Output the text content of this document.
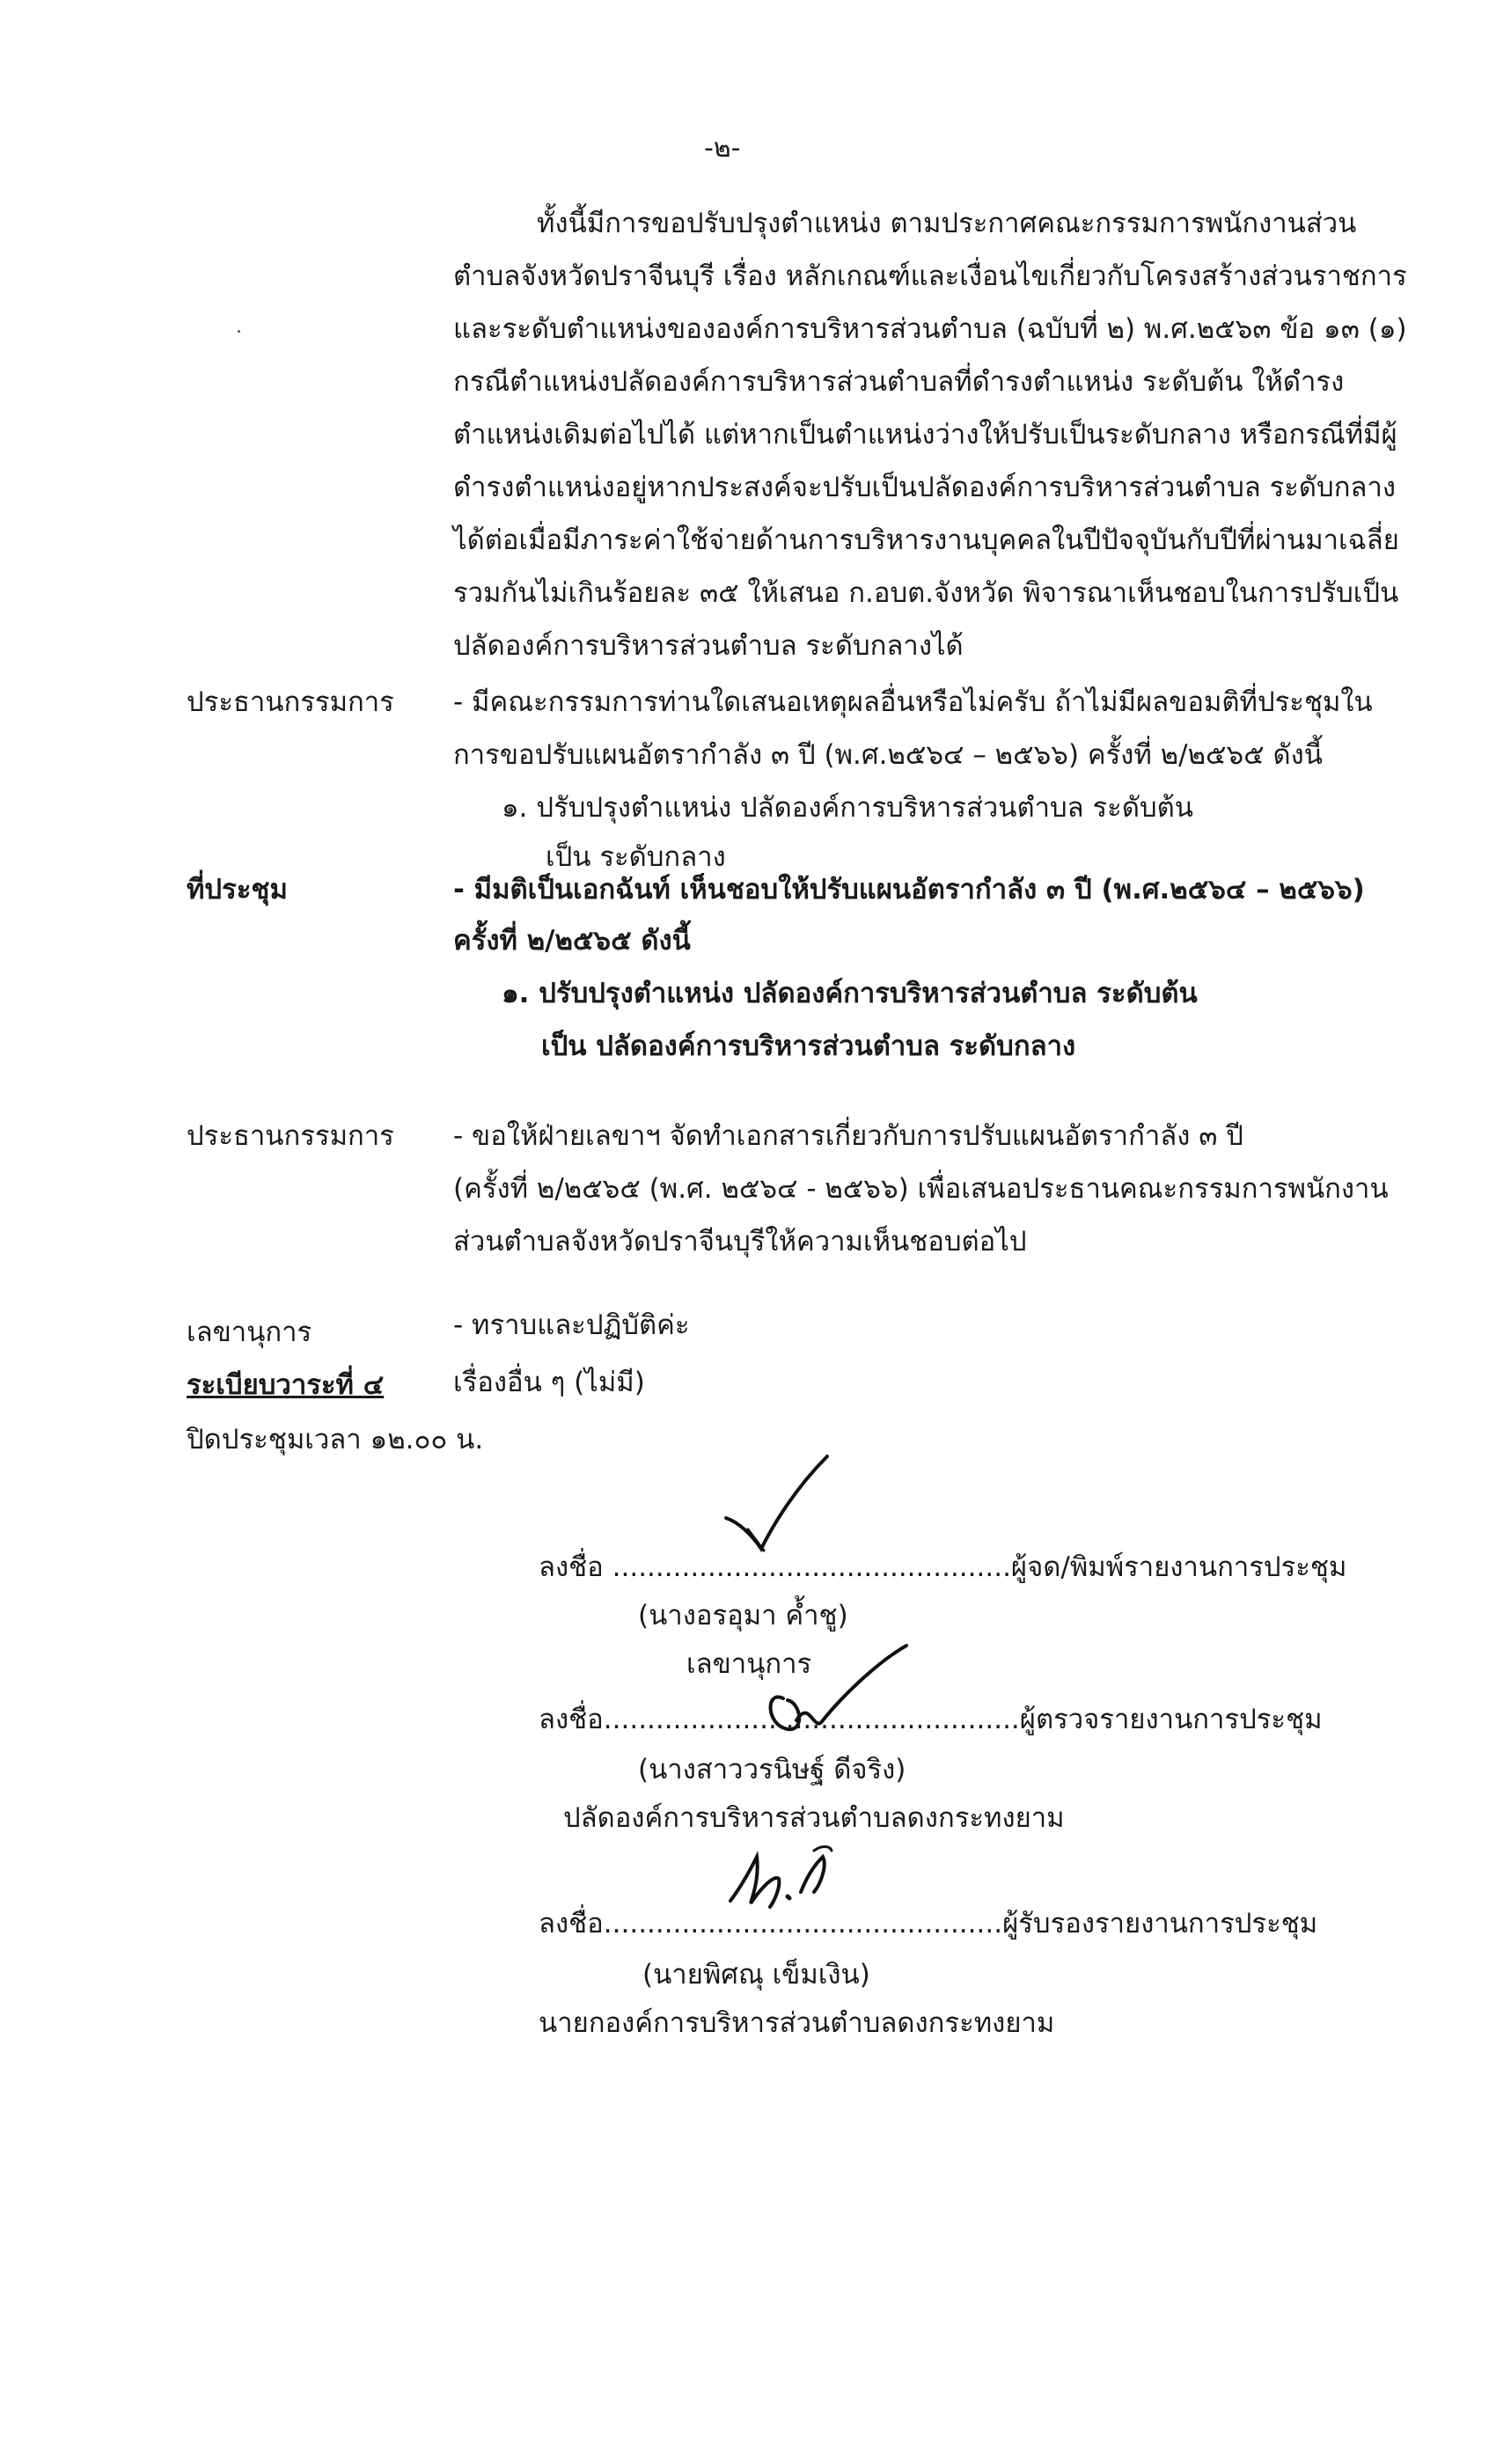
-๒-
ทั้งนี้มีการขอปรับปรุงตำแหน่ง ตามประกาศคณะกรรมการพนักงานส่วน
ตำบลจังหวัดปราจีนบุรี เรื่อง หลักเกณฑ์และเงื่อนไขเกี่ยวกับโครงสร้างส่วนราชการ
และระดับตำแหน่งขององค์การบริหารส่วนตำบล (ฉบับที่ ๒) พ.ศ.๒๕๖๓ ข้อ ๑๓ (๑)
กรณีตำแหน่งปลัดองค์การบริหารส่วนตำบลที่ดำรงตำแหน่ง ระดับต้น ให้ดำรง
ตำแหน่งเดิมต่อไปได้ แต่หากเป็นตำแหน่งว่างให้ปรับเป็นระดับกลาง หรือกรณีที่มีผู้
ดำรงตำแหน่งอยู่หากประสงค์จะปรับเป็นปลัดองค์การบริหารส่วนตำบล ระดับกลาง
ได้ต่อเมื่อมีภาระค่าใช้จ่ายด้านการบริหารงานบุคคลในปีปัจจุบันกับปีที่ผ่านมาเฉลี่ย
รวมกันไม่เกินร้อยละ ๓๕ ให้เสนอ ก.อบต.จังหวัด พิจารณาเห็นชอบในการปรับเป็น
ปลัดองค์การบริหารส่วนตำบล ระดับกลางได้
ประธานกรรมการ - มีคณะกรรมการท่านใดเสนอเหตุผลอื่นหรือไม่ครับ ถ้าไม่มีผลขอมติที่ประชุมใน
การขอปรับแผนอัตรากำลัง ๓ ปี (พ.ศ.๒๕๖๔ – ๒๕๖๖) ครั้งที่ ๒/๒๕๖๕ ดังนี้
๑. ปรับปรุงตำแหน่ง ปลัดองค์การบริหารส่วนตำบล ระดับต้น
เป็น ระดับกลาง
ที่ประชุม	- มีมติเป็นเอกฉันท์ เห็นชอบให้ปรับแผนอัตรากำลัง ๓ ปี (พ.ศ.๒๕๖๔ – ๒๕๖๖)
ครั้งที่ ๒/๒๕๖๕ ดังนี้
๑. ปรับปรุงตำแหน่ง ปลัดองค์การบริหารส่วนตำบล ระดับต้น
เป็น ปลัดองค์การบริหารส่วนตำบล ระดับกลาง
ประธานกรรมการ - ขอให้ฝ่ายเลขาฯ จัดทำเอกสารเกี่ยวกับการปรับแผนอัตรากำลัง ๓ ปี
(ครั้งที่ ๒/๒๕๖๕ (พ.ศ. ๒๕๖๔ - ๒๕๖๖) เพื่อเสนอประธานคณะกรรมการพนักงาน
ส่วนตำบลจังหวัดปราจีนบุรีให้ความเห็นชอบต่อไป
เลขานุการ	- ทราบและปฏิบัติค่ะ
ระเบียบวาระที่ ๔	เรื่องอื่น ๆ (ไม่มี)
ปิดประชุมเวลา ๑๒.๐๐ น.
ลงชื่อ ..............................................ผู้จด/พิมพ์รายงานการประชุม
(นางอรอุมา ค้ำชู)
เลขานุการ
ลงชื่อ................................................ผู้ตรวจรายงานการประชุม
(นางสาววรนิษฐ์ ดีจริง)
ปลัดองค์การบริหารส่วนตำบลดงกระทงยาม
ลงชื่อ..............................................ผู้รับรองรายงานการประชุม
(นายพิศณุ เข็มเงิน)
นายกองค์การบริหารส่วนตำบลดงกระทงยาม
